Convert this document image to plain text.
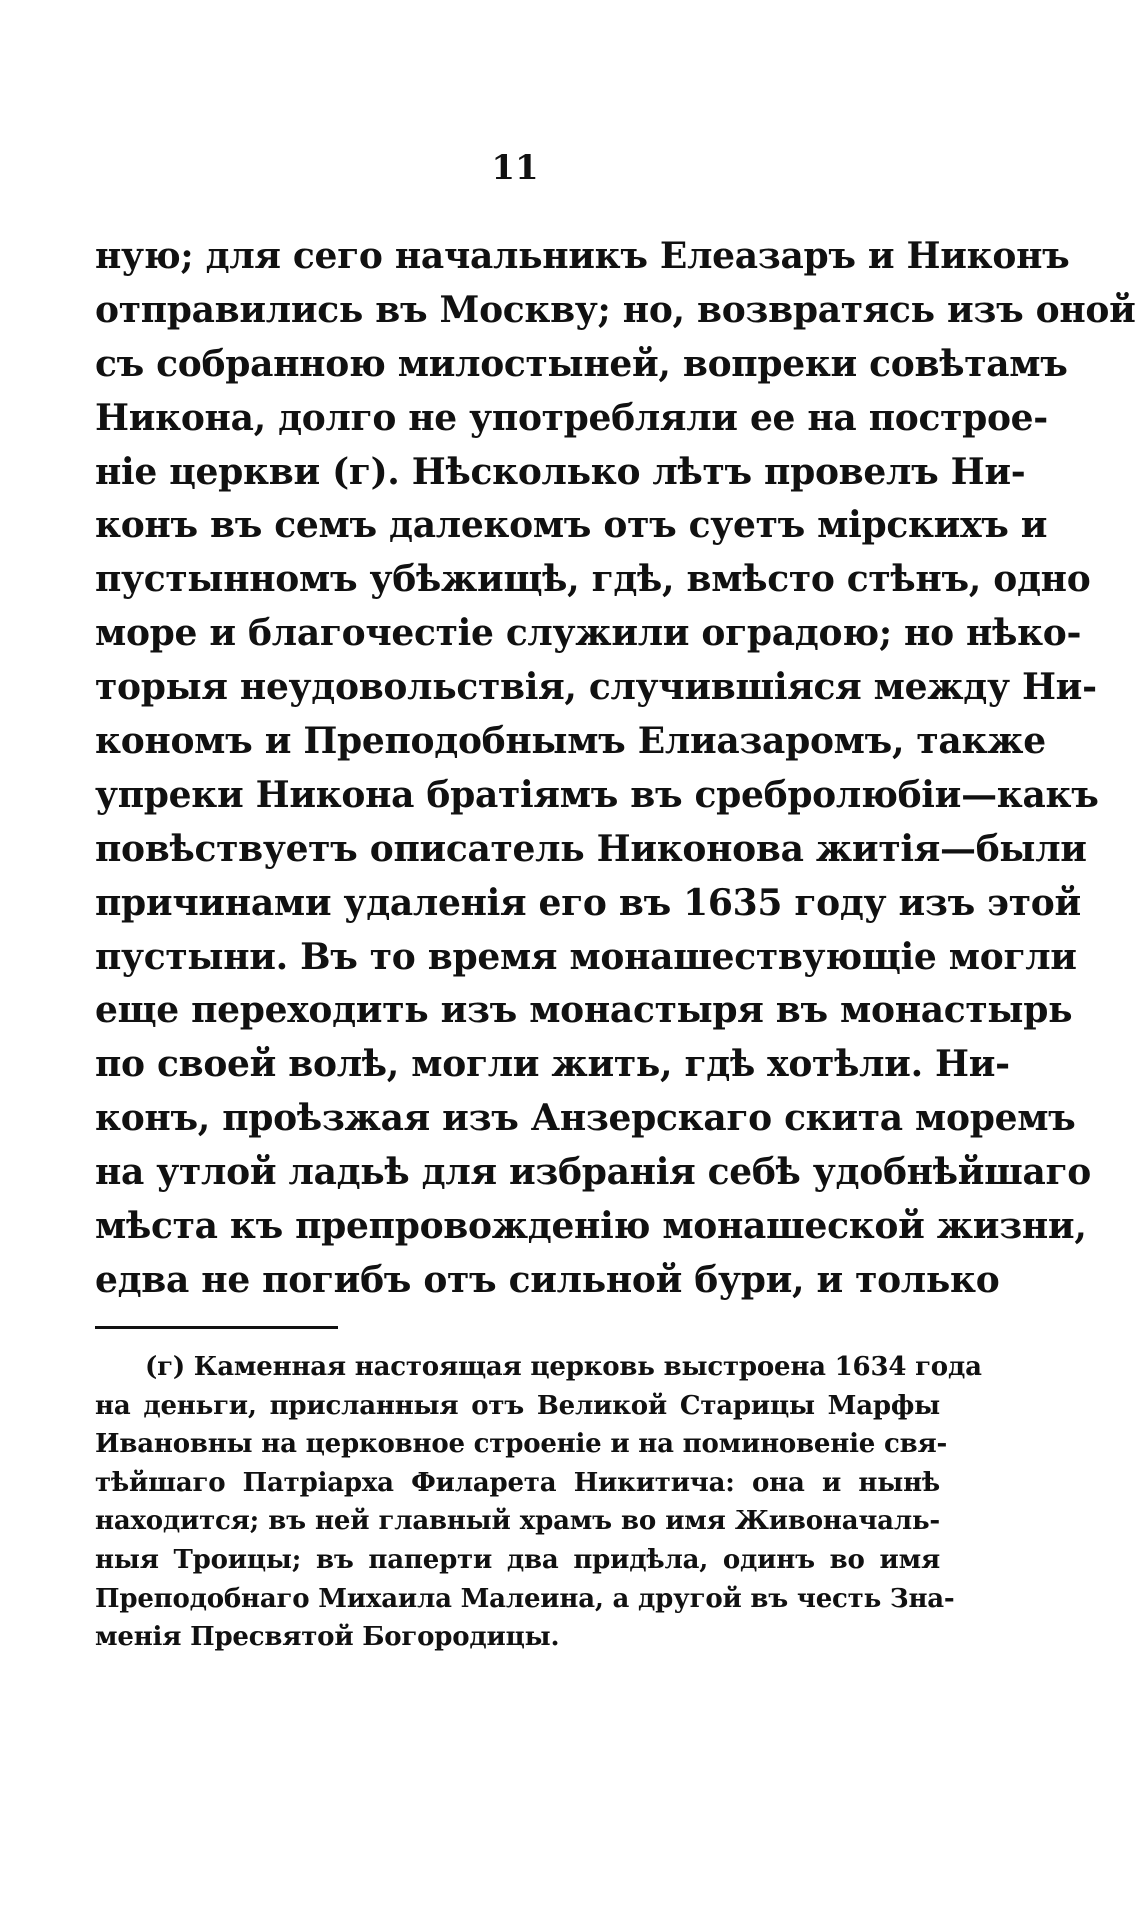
11
ную; для сего начальникъ Елеазаръ и Никонъ
отправились въ Москву; но, возвратясь изъ оной
съ собранною милостыней, вопреки совѣтамъ
Никона, долго не употребляли ее на построе-
ніе церкви (г). Нѣсколько лѣтъ провелъ Ни-
конъ въ семъ далекомъ отъ суетъ мірскихъ и
пустынномъ убѣжищѣ, гдѣ, вмѣсто стѣнъ, одно
море и благочестіе служили оградою; но нѣко-
торыя неудовольствія, случившіяся между Ни-
кономъ и Преподобнымъ Елиазаромъ, также
упреки Никона братіямъ въ сребролюбіи—какъ
повѣствуетъ описатель Никонова житія—были
причинами удаленія его въ 1635 году изъ этой
пустыни. Въ то время монашествующіе могли
еще переходить изъ монастыря въ монастырь
по своей волѣ, могли жить, гдѣ хотѣли. Ни-
конъ, проѣзжая изъ Анзерскаго скита моремъ
на утлой ладьѣ для избранія себѣ удобнѣйшаго
мѣста къ препровожденію монашеской жизни,
едва не погибъ отъ сильной бури, и только
(г) Каменная настоящая церковь выстроена 1634 года
на деньги, присланныя отъ Великой Старицы Марфы
Ивановны на церковное строеніе и на поминовеніе свя-
тѣйшаго Патріарха Филарета Никитича: она и нынѣ
находится; въ ней главный храмъ во имя Живоначаль-
ныя Троицы; въ паперти два придѣла, одинъ во имя
Преподобнаго Михаила Малеина, а другой въ честь Зна-
менія Пресвятой Богородицы.
